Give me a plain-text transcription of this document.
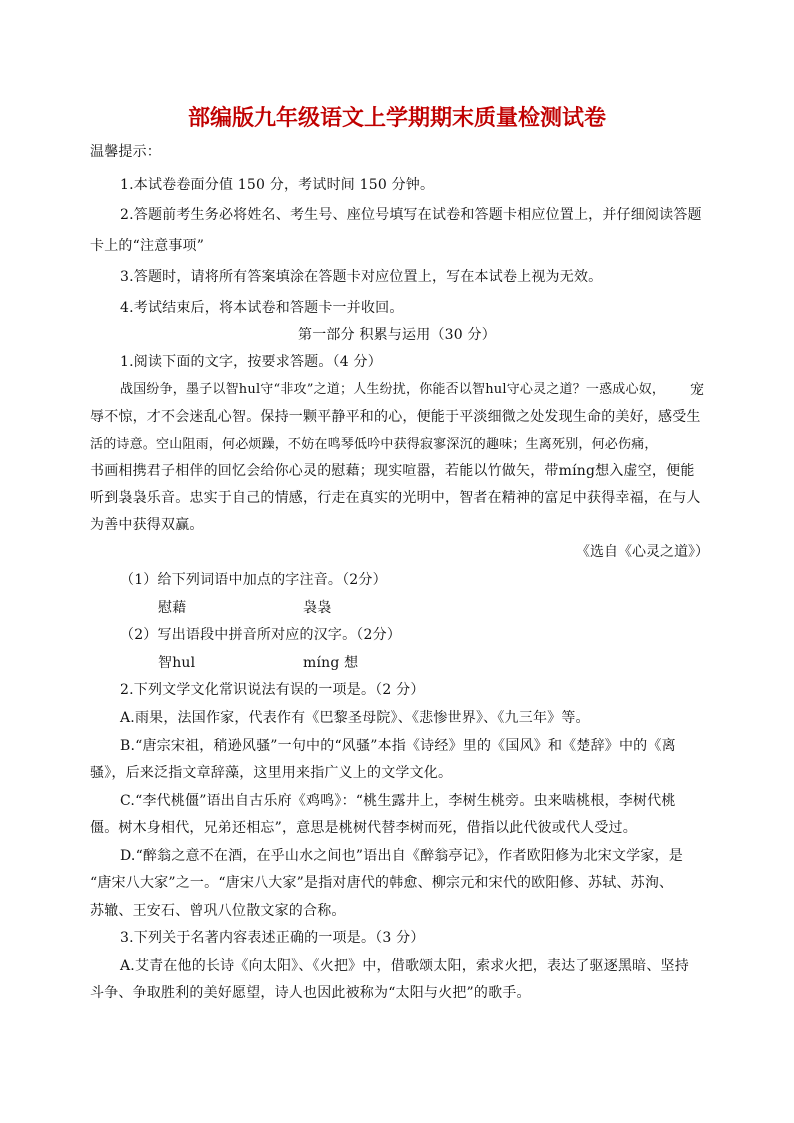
部编版九年级语文上学期期末质量检测试卷
温馨提示：
1.本试卷卷面分值 150 分，考试时间 150 分钟。
2.答题前考生务必将姓名、考生号、座位号填写在试卷和答题卡相应位置上，并仔细阅读答题
卡上的“注意事项”
3.答题时，请将所有答案填涂在答题卡对应位置上，写在本试卷上视为无效。
4.考试结束后，将本试卷和答题卡一并收回。
第一部分 积累与运用（30 分）
1.阅读下面的文字，按要求答题。（4 分）
战国纷争，墨子以智hul守“非攻”之道；人生纷扰，你能否以智hul守心灵之道？一惑成心奴， 宠
辱不惊，才不会迷乱心智。保持一颗平静平和的心，便能于平淡细微之处发现生命的美好，感受生
活的诗意。空山阻雨，何必烦躁，不妨在鸣琴低吟中获得寂寥深沉的趣味；生离死别，何必伤痛，
书画相携君子相伴的回忆会给你心灵的慰藉；现实喧嚣，若能以竹做矢，带míng想入虚空，便能
听到袅袅乐音。忠实于自己的情感，行走在真实的光明中，智者在精神的富足中获得幸福，在与人
为善中获得双赢。
《选自《心灵之道》）
（1）给下列词语中加点的字注音。（2分）
慰藉	袅袅
（2）写出语段中拼音所对应的汉字。（2分）
智hul	míng 想
2.下列文学文化常识说法有误的一项是。（2 分）
A.雨果，法国作家，代表作有《巴黎圣母院》、《悲惨世界》、《九三年》等。
B.“唐宗宋祖，稍逊风骚”一句中的“风骚”本指《诗经》里的《国风》和《楚辞》中的《离
骚》，后来泛指文章辞藻，这里用来指广义上的文学文化。
C.“李代桃僵”语出自古乐府《鸡鸣》：“桃生露井上，李树生桃旁。虫来啮桃根，李树代桃
僵。树木身相代，兄弟还相忘”，意思是桃树代替李树而死，借指以此代彼或代人受过。
D.“醉翁之意不在酒，在乎山水之间也”语出自《醉翁亭记》，作者欧阳修为北宋文学家，是
“唐宋八大家”之一。“唐宋八大家”是指对唐代的韩愈、柳宗元和宋代的欧阳修、苏轼、苏洵、
苏辙、王安石、曾巩八位散文家的合称。
3.下列关于名著内容表述正确的一项是。（3 分）
A.艾青在他的长诗《向太阳》、《火把》中，借歌颂太阳，索求火把，表达了驱逐黑暗、坚持
斗争、争取胜利的美好愿望，诗人也因此被称为“太阳与火把”的歌手。
